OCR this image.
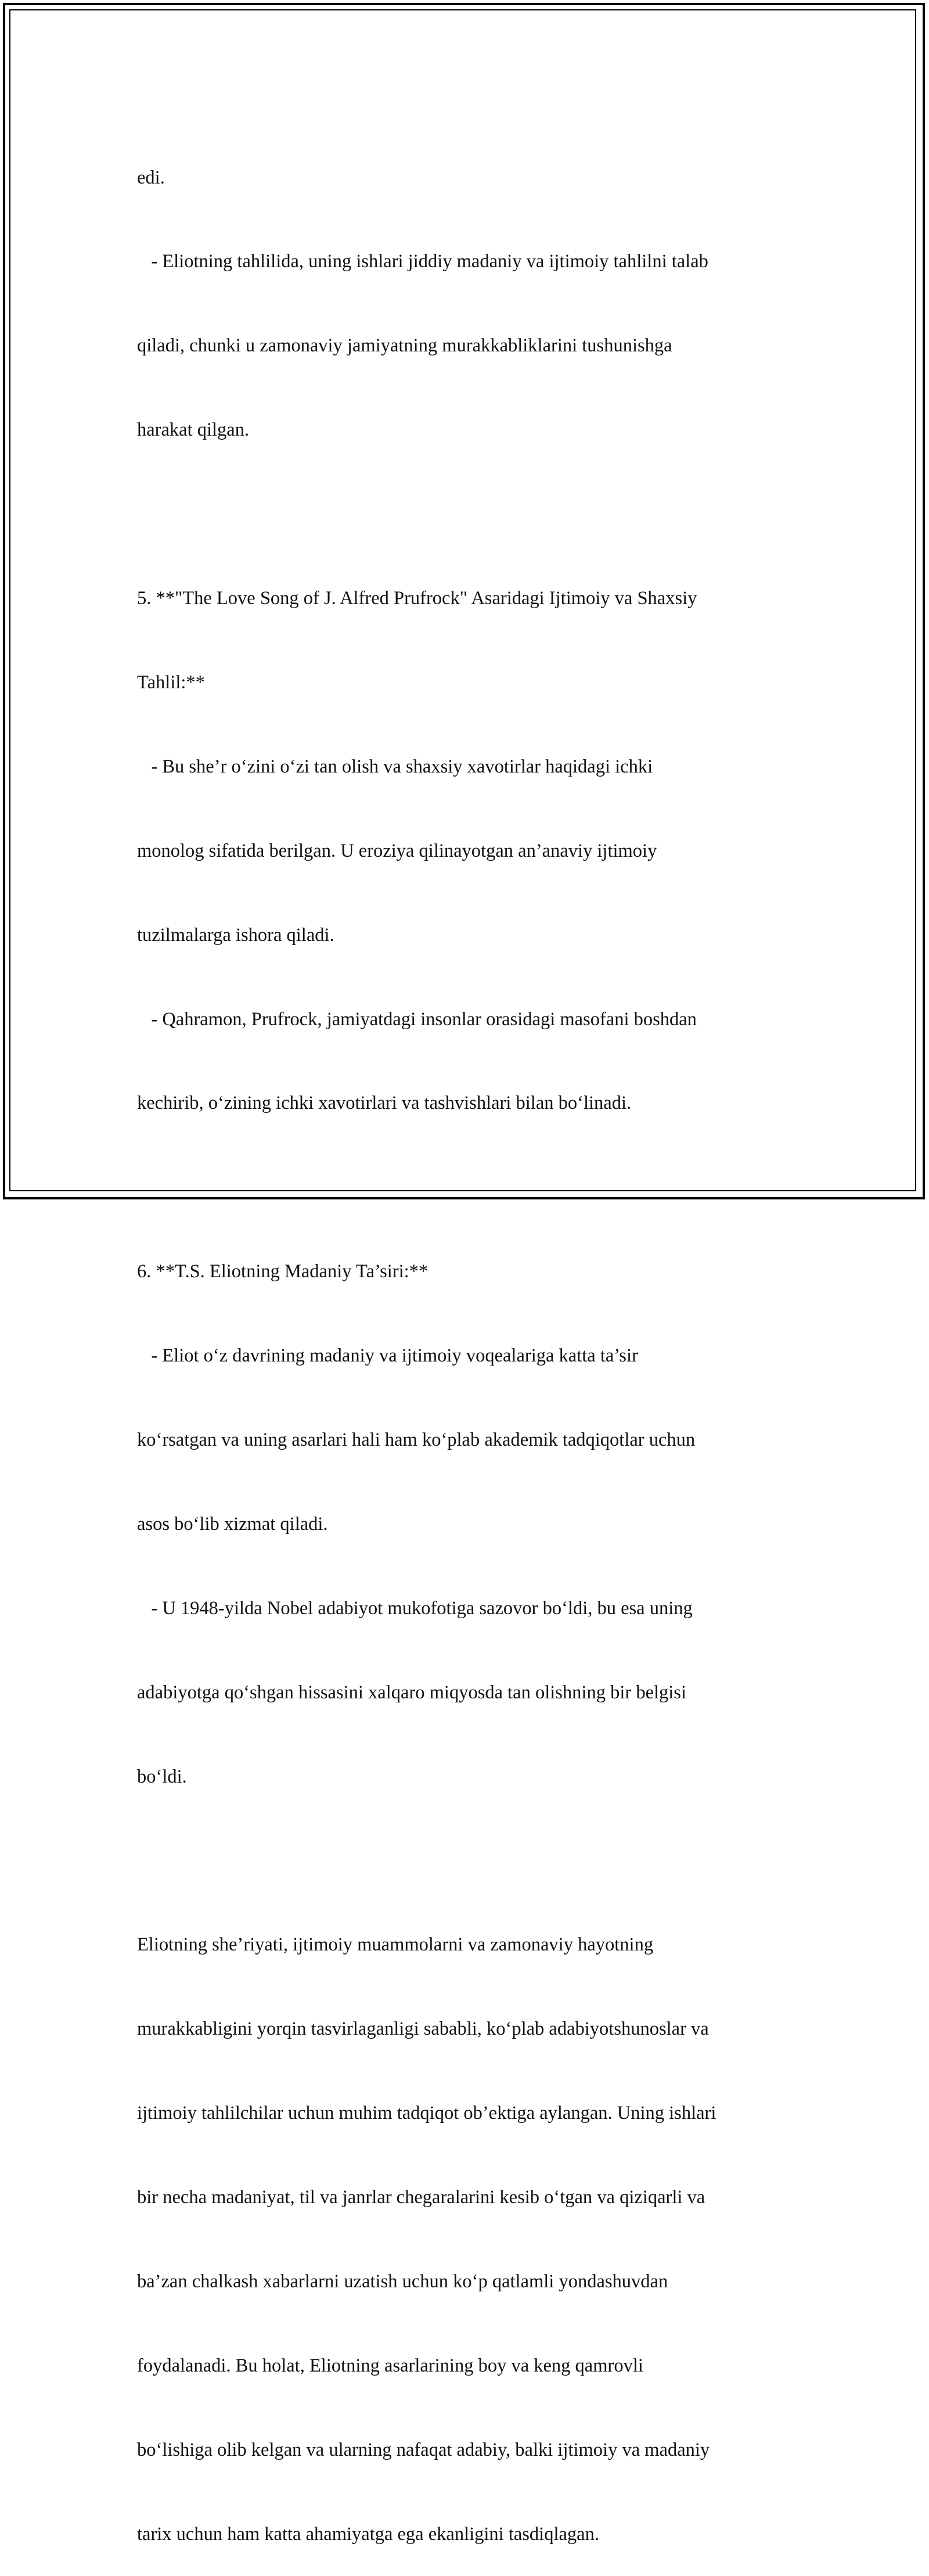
edi.

- Eliotning tahlilida, uning ishlari jiddiy madaniy va ijtimoiy tahlilni talab

qiladi, chunki u zamonaviy jamiyatning murakkabliklarini tushunishga

harakat qilgan.

5. **"The Love Song of J. Alfred Prufrock" Asaridagi Ijtimoiy va Shaxsiy

Tahlil:**

- Bu she’r o‘zini o‘zi tan olish va shaxsiy xavotirlar haqidagi ichki

monolog sifatida berilgan. U eroziya qilinayotgan an’anaviy ijtimoiy

tuzilmalarga ishora qiladi.

- Qahramon, Prufrock, jamiyatdagi insonlar orasidagi masofani boshdan

kechirib, o‘zining ichki xavotirlari va tashvishlari bilan bo‘linadi.

6. **T.S. Eliotning Madaniy Ta’siri:**

- Eliot o‘z davrining madaniy va ijtimoiy voqealariga katta ta’sir

ko‘rsatgan va uning asarlari hali ham ko‘plab akademik tadqiqotlar uchun

asos bo‘lib xizmat qiladi.

- U 1948-yilda Nobel adabiyot mukofotiga sazovor bo‘ldi, bu esa uning

adabiyotga qo‘shgan hissasini xalqaro miqyosda tan olishning bir belgisi

bo‘ldi.

Eliotning she’riyati, ijtimoiy muammolarni va zamonaviy hayotning

murakkabligini yorqin tasvirlaganligi sababli, ko‘plab adabiyotshunoslar va

ijtimoiy tahlilchilar uchun muhim tadqiqot ob’ektiga aylangan. Uning ishlari

bir necha madaniyat, til va janrlar chegaralarini kesib o‘tgan va qiziqarli va

ba’zan chalkash xabarlarni uzatish uchun ko‘p qatlamli yondashuvdan

foydalanadi. Bu holat, Eliotning asarlarining boy va keng qamrovli

bo‘lishiga olib kelgan va ularning nafaqat adabiy, balki ijtimoiy va madaniy

tarix uchun ham katta ahamiyatga ega ekanligini tasdiqlagan.
